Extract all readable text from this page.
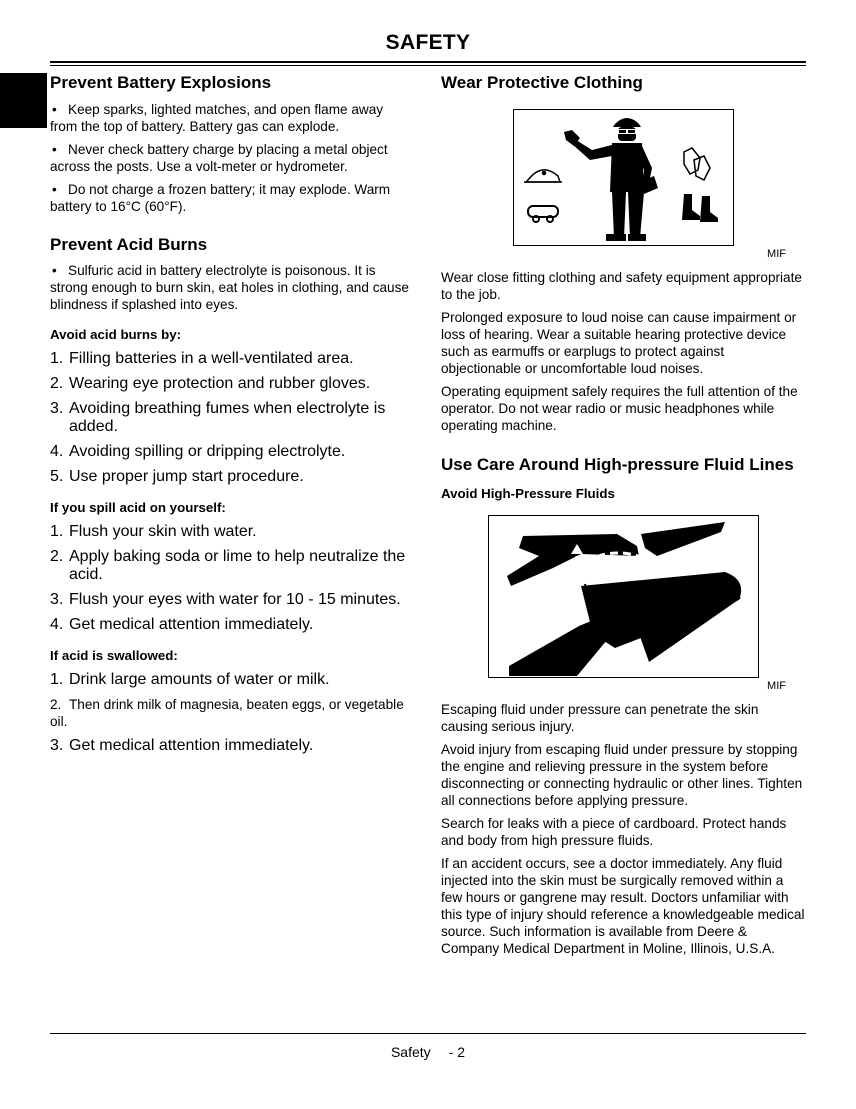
SAFETY
Prevent Battery Explosions

• Keep sparks, lighted matches, and open flame away from the top of battery. Battery gas can explode.

• Never check battery charge by placing a metal object across the posts. Use a volt-meter or hydrometer.

• Do not charge a frozen battery; it may explode. Warm battery to 16°C (60°F).

Prevent Acid Burns

• Sulfuric acid in battery electrolyte is poisonous. It is strong enough to burn skin, eat holes in clothing, and cause blindness if splashed into eyes.

Avoid acid burns by:
1. Filling batteries in a well-ventilated area.
2. Wearing eye protection and rubber gloves.
3. Avoiding breathing fumes when electrolyte is added.
4. Avoiding spilling or dripping electrolyte.
5. Use proper jump start procedure.
If you spill acid on yourself:
1. Flush your skin with water.
2. Apply baking soda or lime to help neutralize the acid.
3. Flush your eyes with water for 10 - 15 minutes.
4. Get medical attention immediately.
If acid is swallowed:
1. Drink large amounts of water or milk.

2. Then drink milk of magnesia, beaten eggs, or vegetable oil.

3. Get medical attention immediately.
Wear Protective Clothing

MIF

Wear close fitting clothing and safety equipment appropriate to the job.

Prolonged exposure to loud noise can cause impairment or loss of hearing. Wear a suitable hearing protective device such as earmuffs or earplugs to protect against objectionable or uncomfortable loud noises.

Operating equipment safely requires the full attention of the operator. Do not wear radio or music headphones while operating machine.

Use Care Around High-pressure Fluid Lines
Avoid High-Pressure Fluids

MIF

Escaping fluid under pressure can penetrate the skin causing serious injury.

Avoid injury from escaping fluid under pressure by stopping the engine and relieving pressure in the system before disconnecting or connecting hydraulic or other lines. Tighten all connections before applying pressure.

Search for leaks with a piece of cardboard. Protect hands and body from high pressure fluids.

If an accident occurs, see a doctor immediately. Any fluid injected into the skin must be surgically removed within a few hours or gangrene may result. Doctors unfamiliar with this type of injury should reference a knowledgeable medical source. Such information is available from Deere & Company Medical Department in Moline, Illinois, U.S.A.

Safety - 2
